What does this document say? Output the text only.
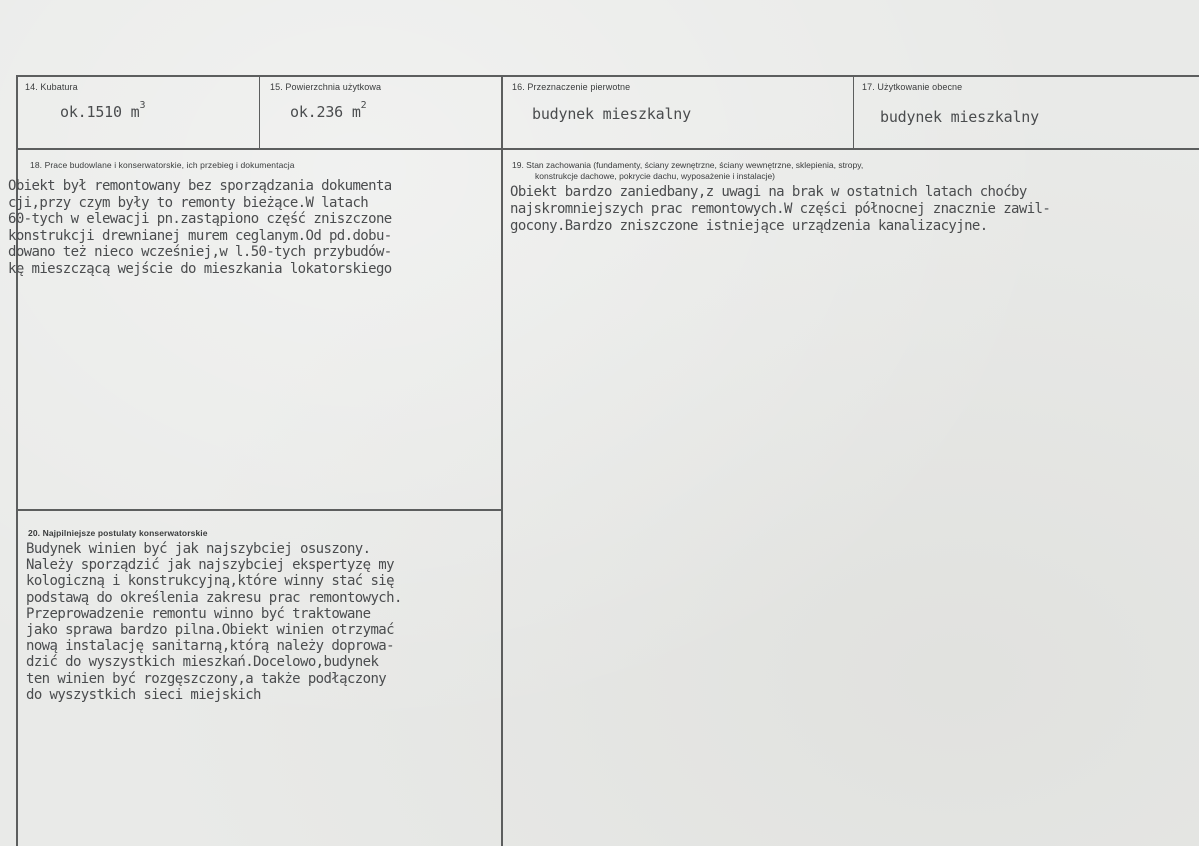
14. Kubatura
ok.1510 $m^3$
15. Powierzchnia użytkowa
ok.236 $m^2$
16. Przeznaczenie pierwotne
budynek mieszkalny
17. Użytkowanie obecne
budynek mieszkalny
18. Prace budowlane i konserwatorskie, ich przebieg i dokumentacja
Obiekt był remontowany bez sporządzania dokumenta
cji,przy czym były to remonty bieżące.W latach
60-tych w elewacji pn.zastąpiono część zniszczone
konstrukcji drewnianej murem ceglanym.Od pd.dobu-
dowano też nieco wcześniej,w l.50-tych przybudów-
kę mieszczącą wejście do mieszkania lokatorskiego
19. Stan zachowania (fundamenty, ściany zewnętrzne, ściany wewnętrzne, sklepienia, stropy,
konstrukcje dachowe, pokrycie dachu, wyposażenie i instalacje)
Obiekt bardzo zaniedbany,z uwagi na brak w ostatnich latach choćby
najskromniejszych prac remontowych.W części północnej znacznie zawil-
gocony.Bardzo zniszczone istniejące urządzenia kanalizacyjne.
20. Najpilniejsze postulaty konserwatorskie
Budynek winien być jak najszybciej osuszony.
Należy sporządzić jak najszybciej ekspertyzę my
kologiczną i konstrukcyjną,które winny stać się
podstawą do określenia zakresu prac remontowych.
Przeprowadzenie remontu winno być traktowane
jako sprawa bardzo pilna.Obiekt winien otrzymać
nową instalację sanitarną,którą należy doprowa-
dzić do wyszystkich mieszkań.Docelowo,budynek
ten winien być rozgęszczony,a także podłączony
do wyszystkich sieci miejskich
